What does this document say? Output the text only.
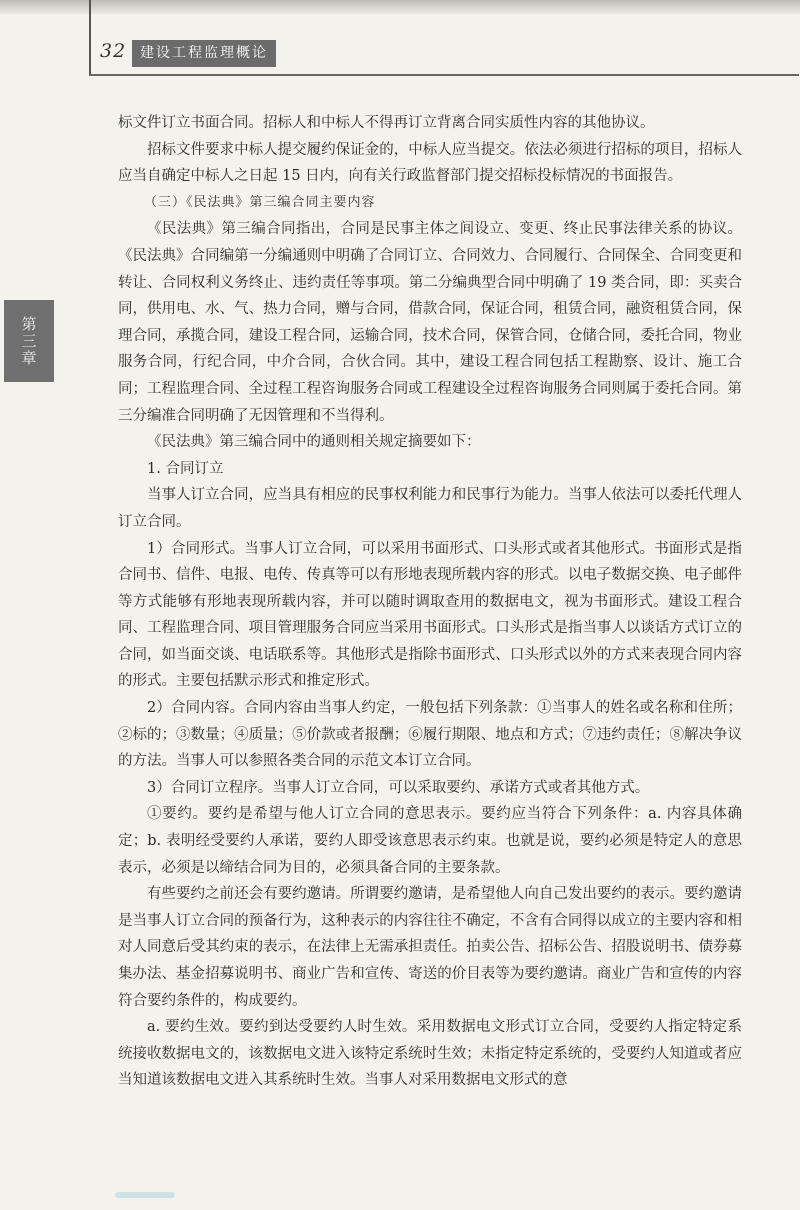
32 建设工程监理概论
第三章

标文件订立书面合同。招标人和中标人不得再订立背离合同实质性内容的其他协议。

招标文件要求中标人提交履约保证金的，中标人应当提交。依法必须进行招标的项目，招标人应当自确定中标人之日起 15 日内，向有关行政监督部门提交招标投标情况的书面报告。

（三）《民法典》第三编合同主要内容

《民法典》第三编合同指出，合同是民事主体之间设立、变更、终止民事法律关系的协议。《民法典》合同编第一分编通则中明确了合同订立、合同效力、合同履行、合同保全、合同变更和转让、合同权利义务终止、违约责任等事项。第二分编典型合同中明确了 19 类合同，即：买卖合同，供用电、水、气、热力合同，赠与合同，借款合同，保证合同，租赁合同，融资租赁合同，保理合同，承揽合同，建设工程合同，运输合同，技术合同，保管合同，仓储合同，委托合同，物业服务合同，行纪合同，中介合同，合伙合同。其中，建设工程合同包括工程勘察、设计、施工合同；工程监理合同、全过程工程咨询服务合同或工程建设全过程咨询服务合同则属于委托合同。第三分编准合同明确了无因管理和不当得利。

《民法典》第三编合同中的通则相关规定摘要如下：

1. 合同订立

当事人订立合同，应当具有相应的民事权利能力和民事行为能力。当事人依法可以委托代理人订立合同。

1）合同形式。当事人订立合同，可以采用书面形式、口头形式或者其他形式。书面形式是指合同书、信件、电报、电传、传真等可以有形地表现所载内容的形式。以电子数据交换、电子邮件等方式能够有形地表现所载内容，并可以随时调取查用的数据电文，视为书面形式。建设工程合同、工程监理合同、项目管理服务合同应当采用书面形式。口头形式是指当事人以谈话方式订立的合同，如当面交谈、电话联系等。其他形式是指除书面形式、口头形式以外的方式来表现合同内容的形式。主要包括默示形式和推定形式。

2）合同内容。合同内容由当事人约定，一般包括下列条款：①当事人的姓名或名称和住所；②标的；③数量；④质量；⑤价款或者报酬；⑥履行期限、地点和方式；⑦违约责任；⑧解决争议的方法。当事人可以参照各类合同的示范文本订立合同。

3）合同订立程序。当事人订立合同，可以采取要约、承诺方式或者其他方式。

①要约。要约是希望与他人订立合同的意思表示。要约应当符合下列条件：a. 内容具体确定；b. 表明经受要约人承诺，要约人即受该意思表示约束。也就是说，要约必须是特定人的意思表示，必须是以缔结合同为目的，必须具备合同的主要条款。

有些要约之前还会有要约邀请。所谓要约邀请，是希望他人向自己发出要约的表示。要约邀请是当事人订立合同的预备行为，这种表示的内容往往不确定，不含有合同得以成立的主要内容和相对人同意后受其约束的表示，在法律上无需承担责任。拍卖公告、招标公告、招股说明书、债券募集办法、基金招募说明书、商业广告和宣传、寄送的价目表等为要约邀请。商业广告和宣传的内容符合要约条件的，构成要约。

a. 要约生效。要约到达受要约人时生效。采用数据电文形式订立合同，受要约人指定特定系统接收数据电文的，该数据电文进入该特定系统时生效；未指定特定系统的，受要约人知道或者应当知道该数据电文进入其系统时生效。当事人对采用数据电文形式的意
